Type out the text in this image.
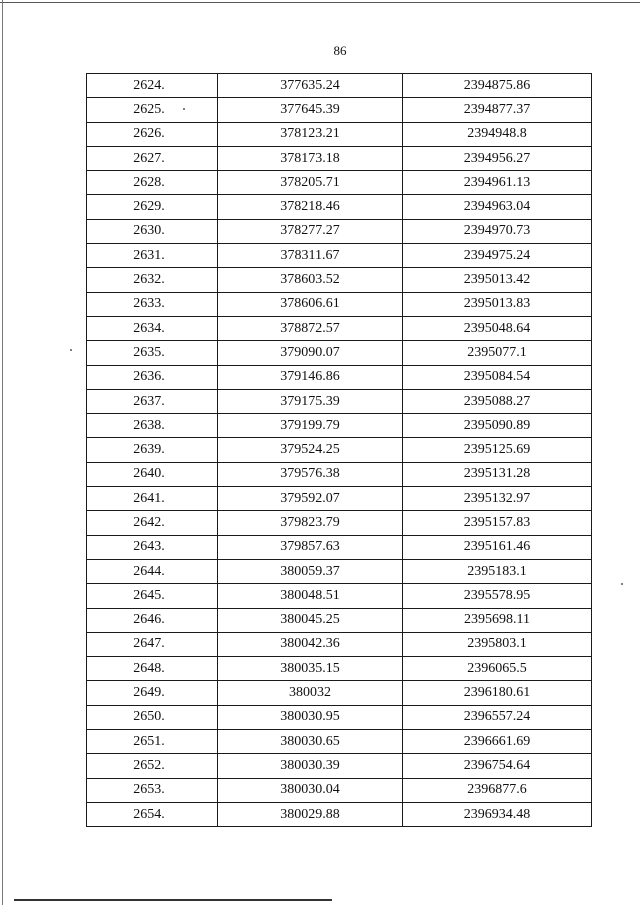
86
2624.	377635.24	2394875.86
2625.	377645.39	2394877.37
2626.	378123.21	2394948.8
2627.	378173.18	2394956.27
2628.	378205.71	2394961.13
2629.	378218.46	2394963.04
2630.	378277.27	2394970.73
2631.	378311.67	2394975.24
2632.	378603.52	2395013.42
2633.	378606.61	2395013.83
2634.	378872.57	2395048.64
2635.	379090.07	2395077.1
2636.	379146.86	2395084.54
2637.	379175.39	2395088.27
2638.	379199.79	2395090.89
2639.	379524.25	2395125.69
2640.	379576.38	2395131.28
2641.	379592.07	2395132.97
2642.	379823.79	2395157.83
2643.	379857.63	2395161.46
2644.	380059.37	2395183.1
2645.	380048.51	2395578.95
2646.	380045.25	2395698.11
2647.	380042.36	2395803.1
2648.	380035.15	2396065.5
2649.	380032	2396180.61
2650.	380030.95	2396557.24
2651.	380030.65	2396661.69
2652.	380030.39	2396754.64
2653.	380030.04	2396877.6
2654.	380029.88	2396934.48
